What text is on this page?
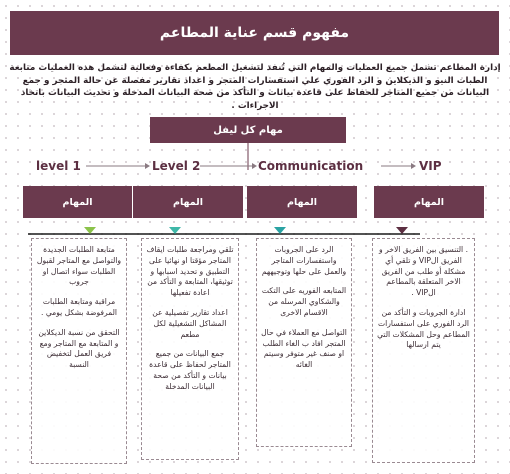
مفهوم قسم عناية المطاعم
إدارة المطاعم تشمل جميع العمليات والمهام التي تُنفذ لتشغيل المطعم بكفاءة وفعالية لتشمل هذه العمليات متابعة الطبات النيو و الديكلاين و الرد الفوري علي استفسارات المتجر و اعداد تقارير مفصلة عن حالة المتجر و جمع البيانات من جميع المتاجر للحفاظ على قاعدة بيانات و التأكد من صحة البيانات المدخلة و تحديث البيانات باتخاذ الاجراءات .
مهام كل ليفل
level 1	Level 2	Communication	VIP
المهام	المهام	المهام	المهام
متابعة الطلبات الجديدة والتواصل مع المتاجر لقبول الطلبات سواء اتصال او جروب
مراقبة ومتابعة الطلبات المرفوضة بشكل يومي .
التحقق من نسبة الديكلاين و المتابعة مع المتاجر ومع فريق العمل لتخفيض النسبة
تلقي ومراجعة طلبات ايقاف المتاجر مؤقتا او نهائيا على التطبيق و تحديد اسبابها و توثيقها، المتابعة و التأكد من اعادة تفعيلها
اعداد تقارير تفصيلية عن المشاكل التشغيلية لكل مطعم
جمع البيانات من جميع المتاجر لحفاظ على قاعدة بيانات و التأكد من صحة البيانات المدخلة
الرد على الجروبات واستفسارات المتاجر والعمل على حلها وتوجيههم
المتابعه الفوريه على التكت والشكاوي المرسله من الاقسام الاخرى
التواصل مع العملاء في حال المتجر افاد ب الغاء الطلب او صنف غير متوفر وسيتم الغائه
. التنسيق بين الفريق الاخر و الفريق الVIP و تلقي أي مشكلة أو طلب من الفريق الاخر المتعلقة بالمطاعم الVIP .
ادارة الجروبات و التأكد من الرد الفوري على استفسارات المطاعم وحل المشكلات التي يتم ارسالها
